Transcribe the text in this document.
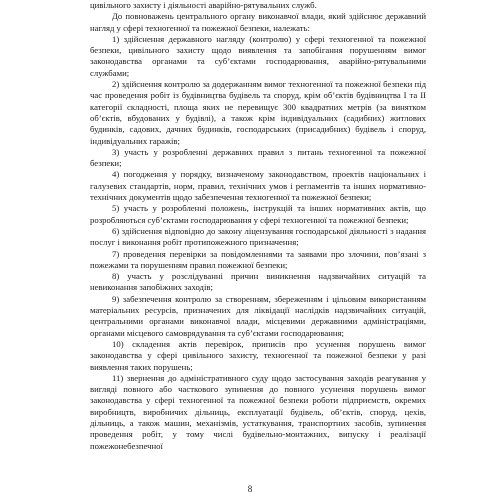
цивільного захисту і діяльності аварійно-рятувальних служб.

До повноважень центрального органу виконавчої влади, який здійснює державний нагляд у сфері техногенної та пожежної безпеки, належать:

1) здійснення державного нагляду (контролю) у сфері техногенної та пожежної безпеки, цивільного захисту щодо виявлення та запобігання порушенням вимог законодавства органами та суб’єктами господарювання, аварійно-рятувальними службами;

2) здійснення контролю за додержанням вимог техногенної та пожежної безпеки під час проведення робіт із будівництва будівель та споруд, крім об’єктів будівництва I та II категорії складності, площа яких не перевищує 300 квадратних метрів (за винятком об’єктів, вбудованих у будівлі), а також крім індивідуальних (садибних) житлових будинків, садових, дачних будинків, господарських (присадибних) будівель і споруд, індивідуальних гаражів;

3) участь у розробленні державних правил з питань техногенної та пожежної безпеки;

4) погодження у порядку, визначеному законодавством, проектів національних і галузевих стандартів, норм, правил, технічних умов і регламентів та інших нормативно-технічних документів щодо забезпечення техногенної та пожежної безпеки;

5) участь у розробленні положень, інструкцій та інших нормативних актів, що розробляються суб’єктами господарювання у сфері техногенної та пожежної безпеки;

6) здійснення відповідно до закону ліцензування господарської діяльності з надання послуг і виконання робіт протипожежного призначення;

7) проведення перевірки за повідомленнями та заявами про злочини, пов’язані з пожежами та порушенням правил пожежної безпеки;

8) участь у розслідуванні причин виникнення надзвичайних ситуацій та невиконання запобіжних заходів;

9) забезпечення контролю за створенням, збереженням і цільовим використанням матеріальних ресурсів, призначених для ліквідації наслідків надзвичайних ситуацій, центральними органами виконавчої влади, місцевими державними адміністраціями, органами місцевого самоврядування та суб’єктами господарювання;

10) складення актів перевірок, приписів про усунення порушень вимог законодавства у сфері цивільного захисту, техногенної та пожежної безпеки у разі виявлення таких порушень;

11) звернення до адміністративного суду щодо застосування заходів реагування у вигляді повного або часткового зупинення до повного усунення порушень вимог законодавства у сфері техногенної та пожежної безпеки роботи підприємств, окремих виробництв, виробничих дільниць, експлуатації будівель, об’єктів, споруд, цехів, дільниць, а також машин, механізмів, устаткування, транспортних засобів, зупинення проведення робіт, у тому числі будівельно-монтажних, випуску і реалізації пожежонебезпечної

8
